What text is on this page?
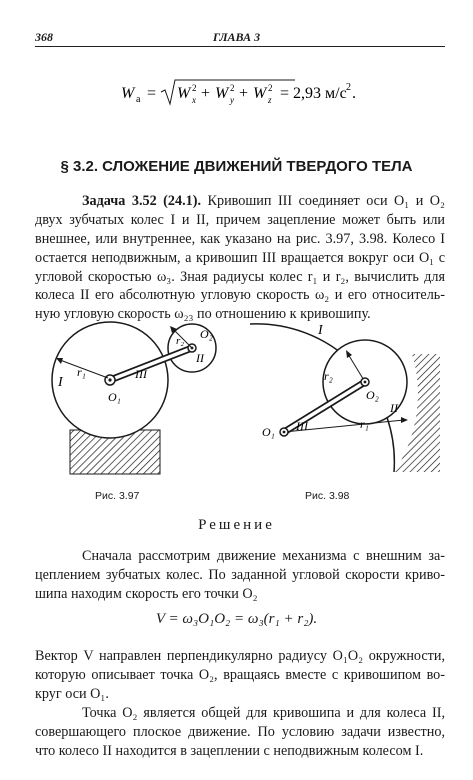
368	ГЛАВА 3
W а = W 2
x + W 2
y + W 2
z = 2,93 м/с 2 .
§ 3.2. СЛОЖЕНИЕ ДВИЖЕНИЙ ТВЕРДОГО ТЕЛА
Задача 3.52 (24.1). Кривошип III соединяет оси O₁ и O₂
двух зубчатых колес I и II, причем зацепление может быть или
внешнее, или внутреннее, как указано на рис. 3.97, 3.98. Колесо I
остается неподвижным, а кривошип III вращается вокруг оси O₁ с
угловой скоростью ω₃. Зная радиусы колес r₁ и r₂, вычислить для
колеса II его абсолютную угловую скорость ω₂ и его относитель-
ную угловую скорость ω₂₃ по отношению к кривошипу.
I
r₁
O₁
III
O₂
r₂
II
Рис. 3.97
I
r₂
O₂
II
O₁ III	r₁
Рис. 3.98
Решение
Сначала рассмотрим движение механизма с внешним за-
цеплением зубчатых колес. По заданной угловой скорости криво-
шипа находим скорость его точки O₂
V = ω₃O₁O₂ = ω₃(r₁ + r₂).
Вектор V направлен перпендикулярно радиусу O₁O₂ окружности,
которую описывает точка O₂, вращаясь вместе с кривошипом во-
круг оси O₁.
Точка O₂ является общей для кривошипа и для колеса II,
совершающего плоское движение. По условию задачи известно,
что колесо II находится в зацеплении с неподвижным колесом I.
